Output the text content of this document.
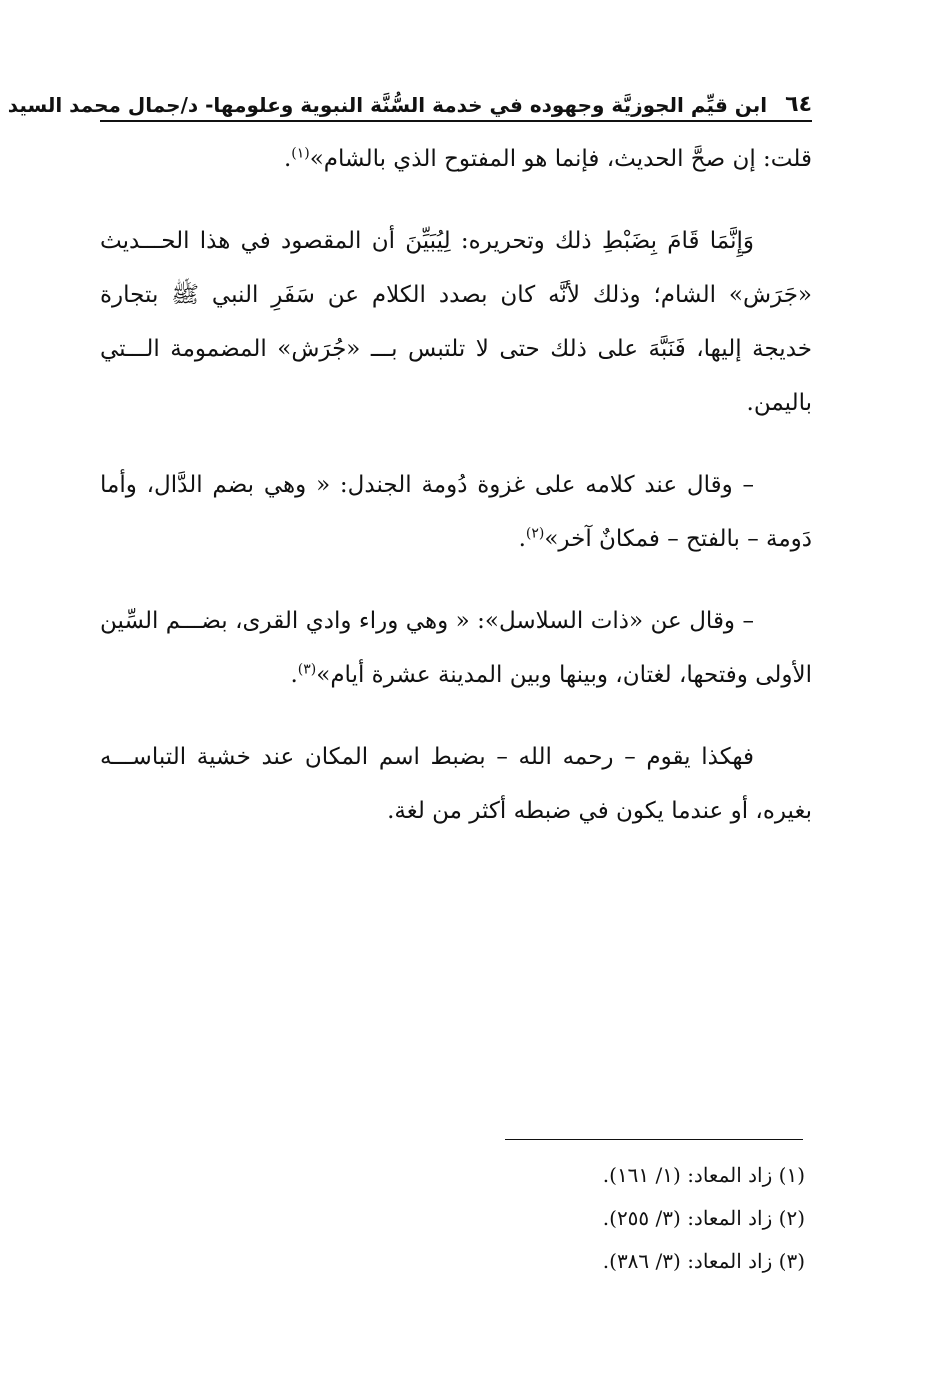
٦٤
ابن قيِّم الجوزيَّة وجهوده في خدمة السُّنَّة النبوية وعلومها- د/جمال محمد السيد

قلت: إن صحَّ الحديث، فإنما هو المفتوح الذي بالشام»$^{(١)}$.

وَإِنَّمَا قَامَ بِضَبْطِ ذلك وتحريره: لِيُبَيِّنَ أن المقصود في هذا الحـــديث «جَرَش» الشام؛ وذلك لأنَّه كان بصدد الكلام عن سَفَرِ النبي ﷺ بتجارة خديجة إليها، فَنَبَّهَ على ذلك حتى لا تلتبس بـــ «جُرَش» المضمومة الـــتي باليمن.

– وقال عند كلامه على غزوة دُومة الجندل: « وهي بضم الدَّال، وأما دَومة – بالفتح – فمكانٌ آخر»$^{(٢)}$.

– وقال عن «ذات السلاسل»: « وهي وراء وادي القرى، بضـــم السِّين الأولى وفتحها، لغتان، وبينها وبين المدينة عشرة أيام»$^{(٣)}$.

فهكذا يقوم – رحمه الله – بضبط اسم المكان عند خشية التباســـه بغيره، أو عندما يكون في ضبطه أكثر من لغة.

(١) زاد المعاد: (١/ ١٦١).

(٢) زاد المعاد: (٣/ ٢٥٥).

(٣) زاد المعاد: (٣/ ٣٨٦).
